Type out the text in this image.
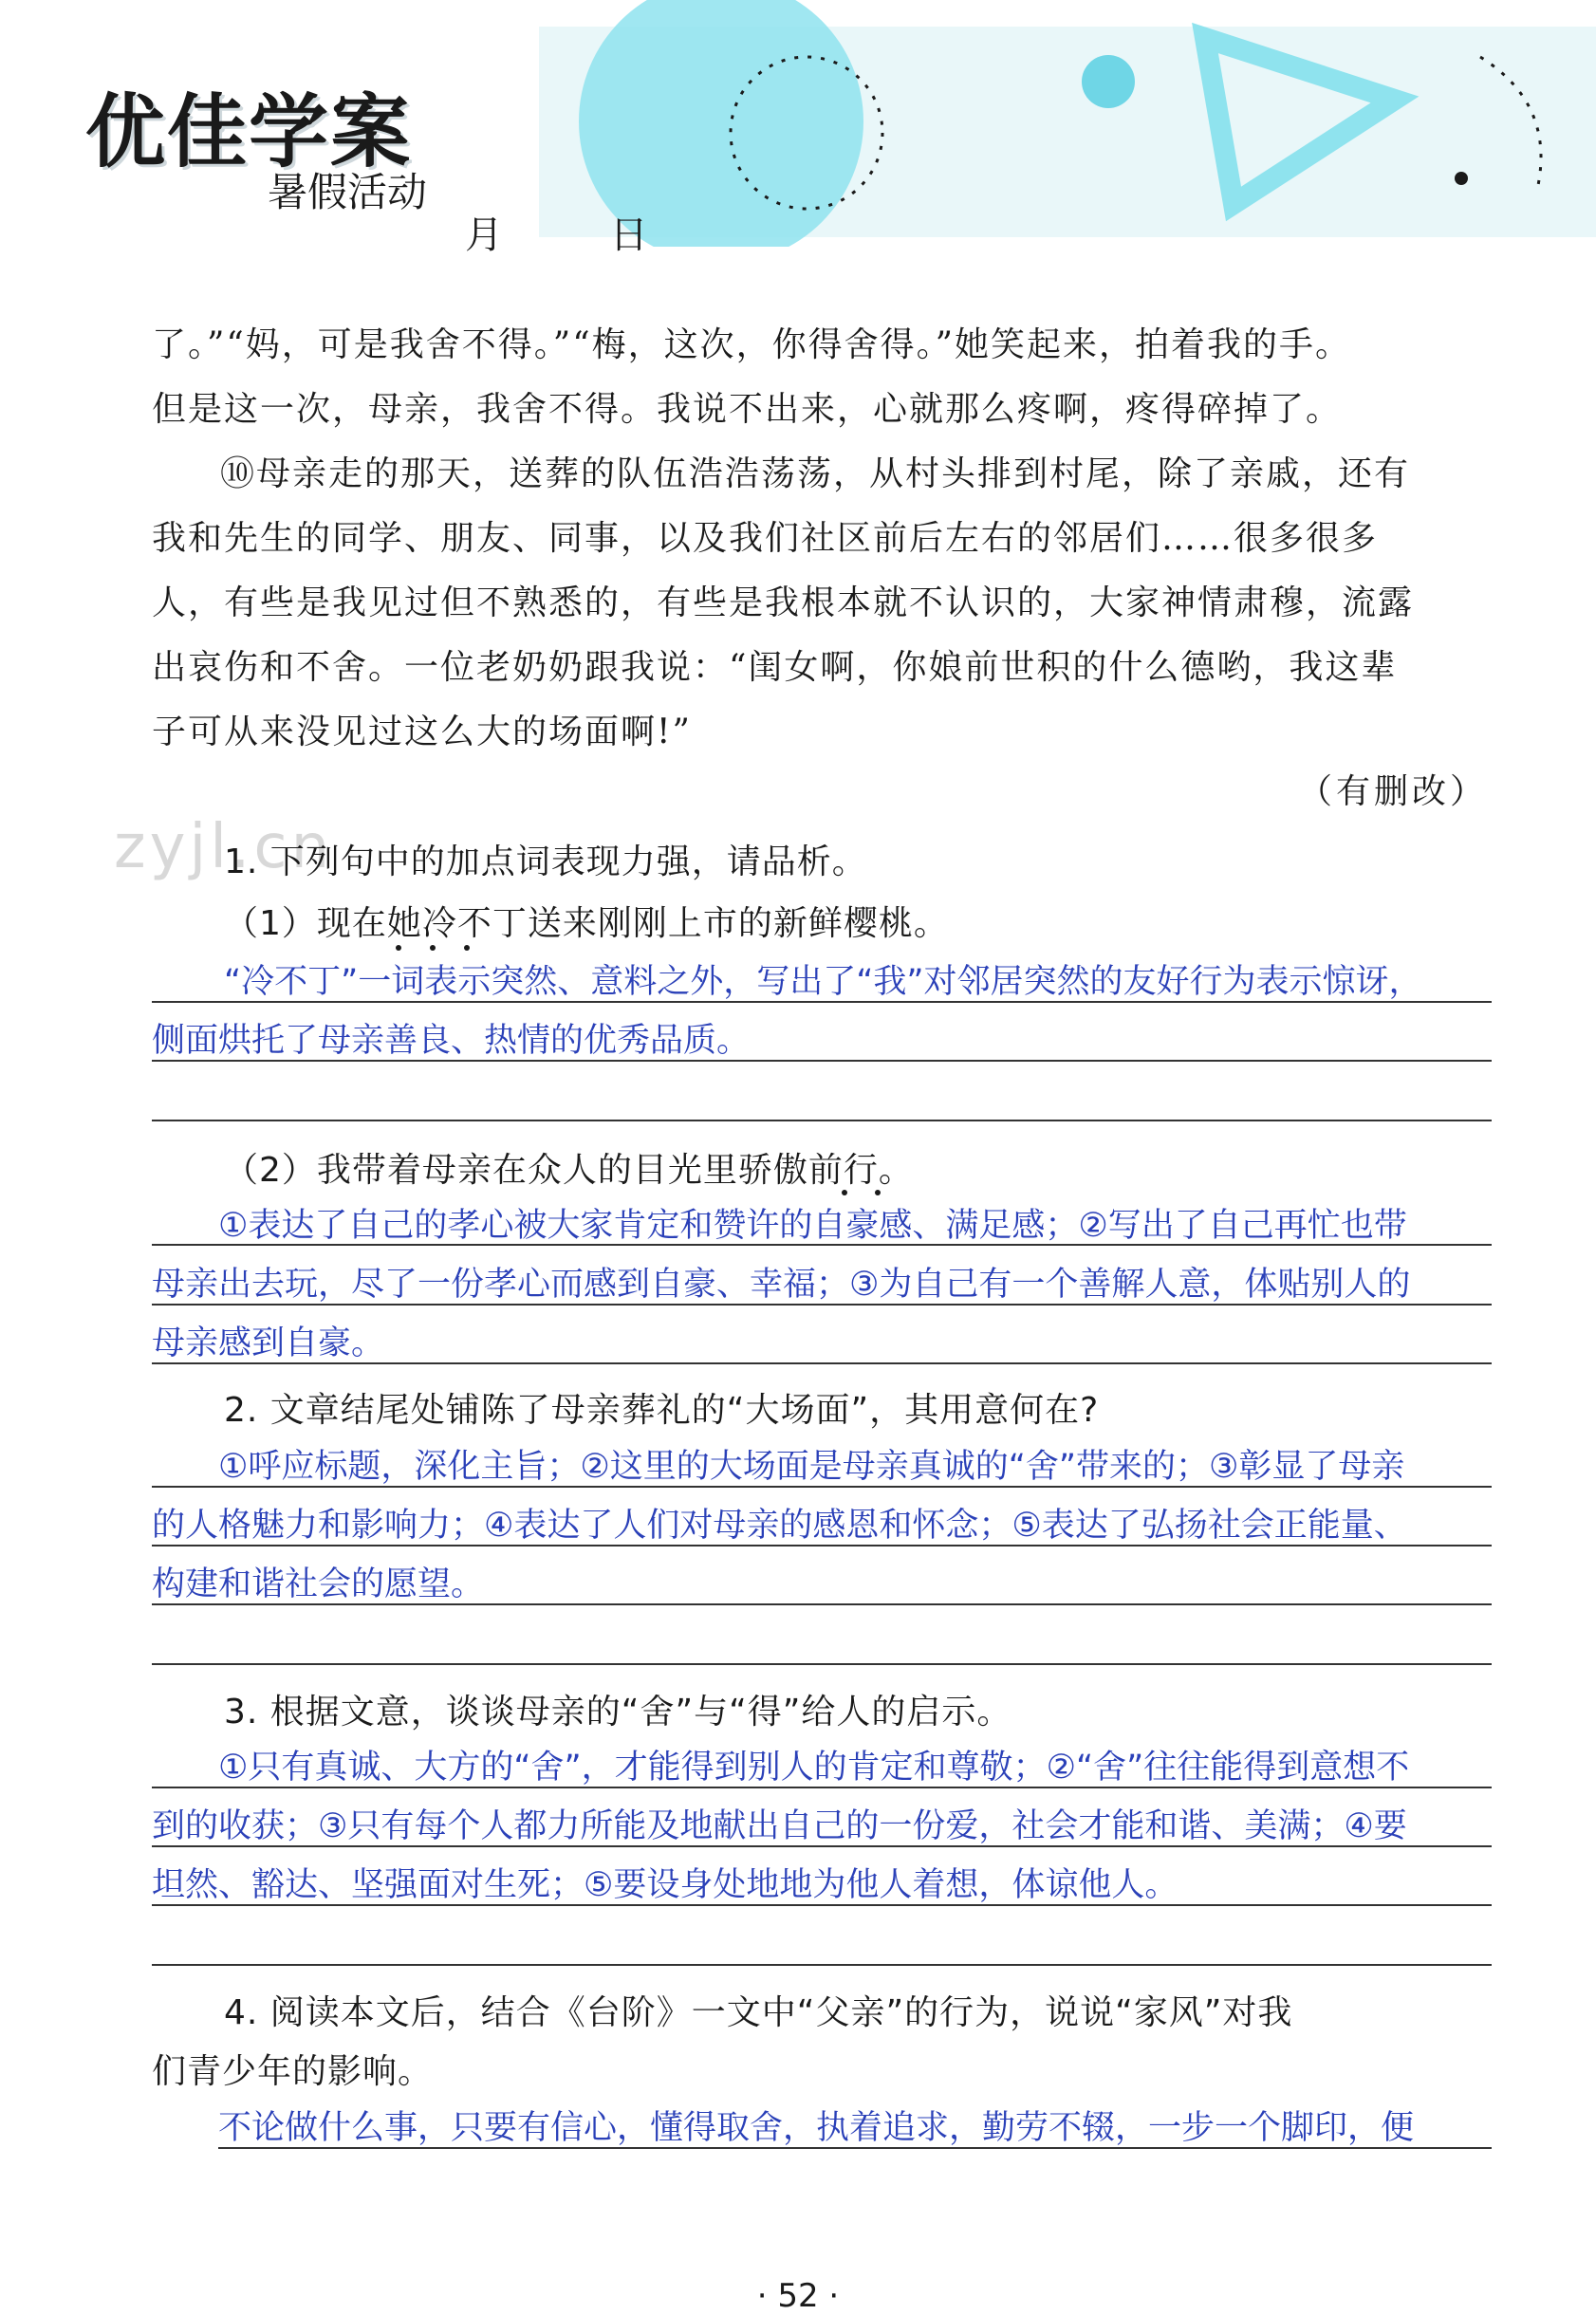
优佳学案
暑假活动
月	日

了。”“妈，可是我舍不得。”“梅，这次，你得舍得。”她笑起来，拍着我的手。

但是这一次，母亲，我舍不得。我说不出来，心就那么疼啊，疼得碎掉了。

⑩母亲走的那天，送葬的队伍浩浩荡荡，从村头排到村尾，除了亲戚，还有

我和先生的同学、朋友、同事，以及我们社区前后左右的邻居们……很多很多

人，有些是我见过但不熟悉的，有些是我根本就不认识的，大家神情肃穆，流露

出哀伤和不舍。一位老奶奶跟我说：“闺女啊，你娘前世积的什么德哟，我这辈

子可从来没见过这么大的场面啊!”

（有删改）
zyjl.cn
1. 下列句中的加点词表现力强，请品析。
（1）现在她冷不丁送来刚刚上市的新鲜樱桃。
“冷不丁”一词表示突然、意料之外，写出了“我”对邻居突然的友好行为表示惊讶，
侧面烘托了母亲善良、热情的优秀品质。
（2）我带着母亲在众人的目光里骄傲前行。
①表达了自己的孝心被大家肯定和赞许的自豪感、满足感；②写出了自己再忙也带
母亲出去玩，尽了一份孝心而感到自豪、幸福；③为自己有一个善解人意，体贴别人的
母亲感到自豪。
2. 文章结尾处铺陈了母亲葬礼的“大场面”，其用意何在?
①呼应标题，深化主旨；②这里的大场面是母亲真诚的“舍”带来的；③彰显了母亲
的人格魅力和影响力；④表达了人们对母亲的感恩和怀念；⑤表达了弘扬社会正能量、
构建和谐社会的愿望。
3. 根据文意，谈谈母亲的“舍”与“得”给人的启示。
①只有真诚、大方的“舍”，才能得到别人的肯定和尊敬；②“舍”往往能得到意想不
到的收获；③只有每个人都力所能及地献出自己的一份爱，社会才能和谐、美满；④要
坦然、豁达、坚强面对生死；⑤要设身处地地为他人着想，体谅他人。
4. 阅读本文后，结合《台阶》一文中“父亲”的行为，说说“家风”对我
们青少年的影响。
不论做什么事，只要有信心，懂得取舍，执着追求，勤劳不辍，一步一个脚印，便
· 52 ·
